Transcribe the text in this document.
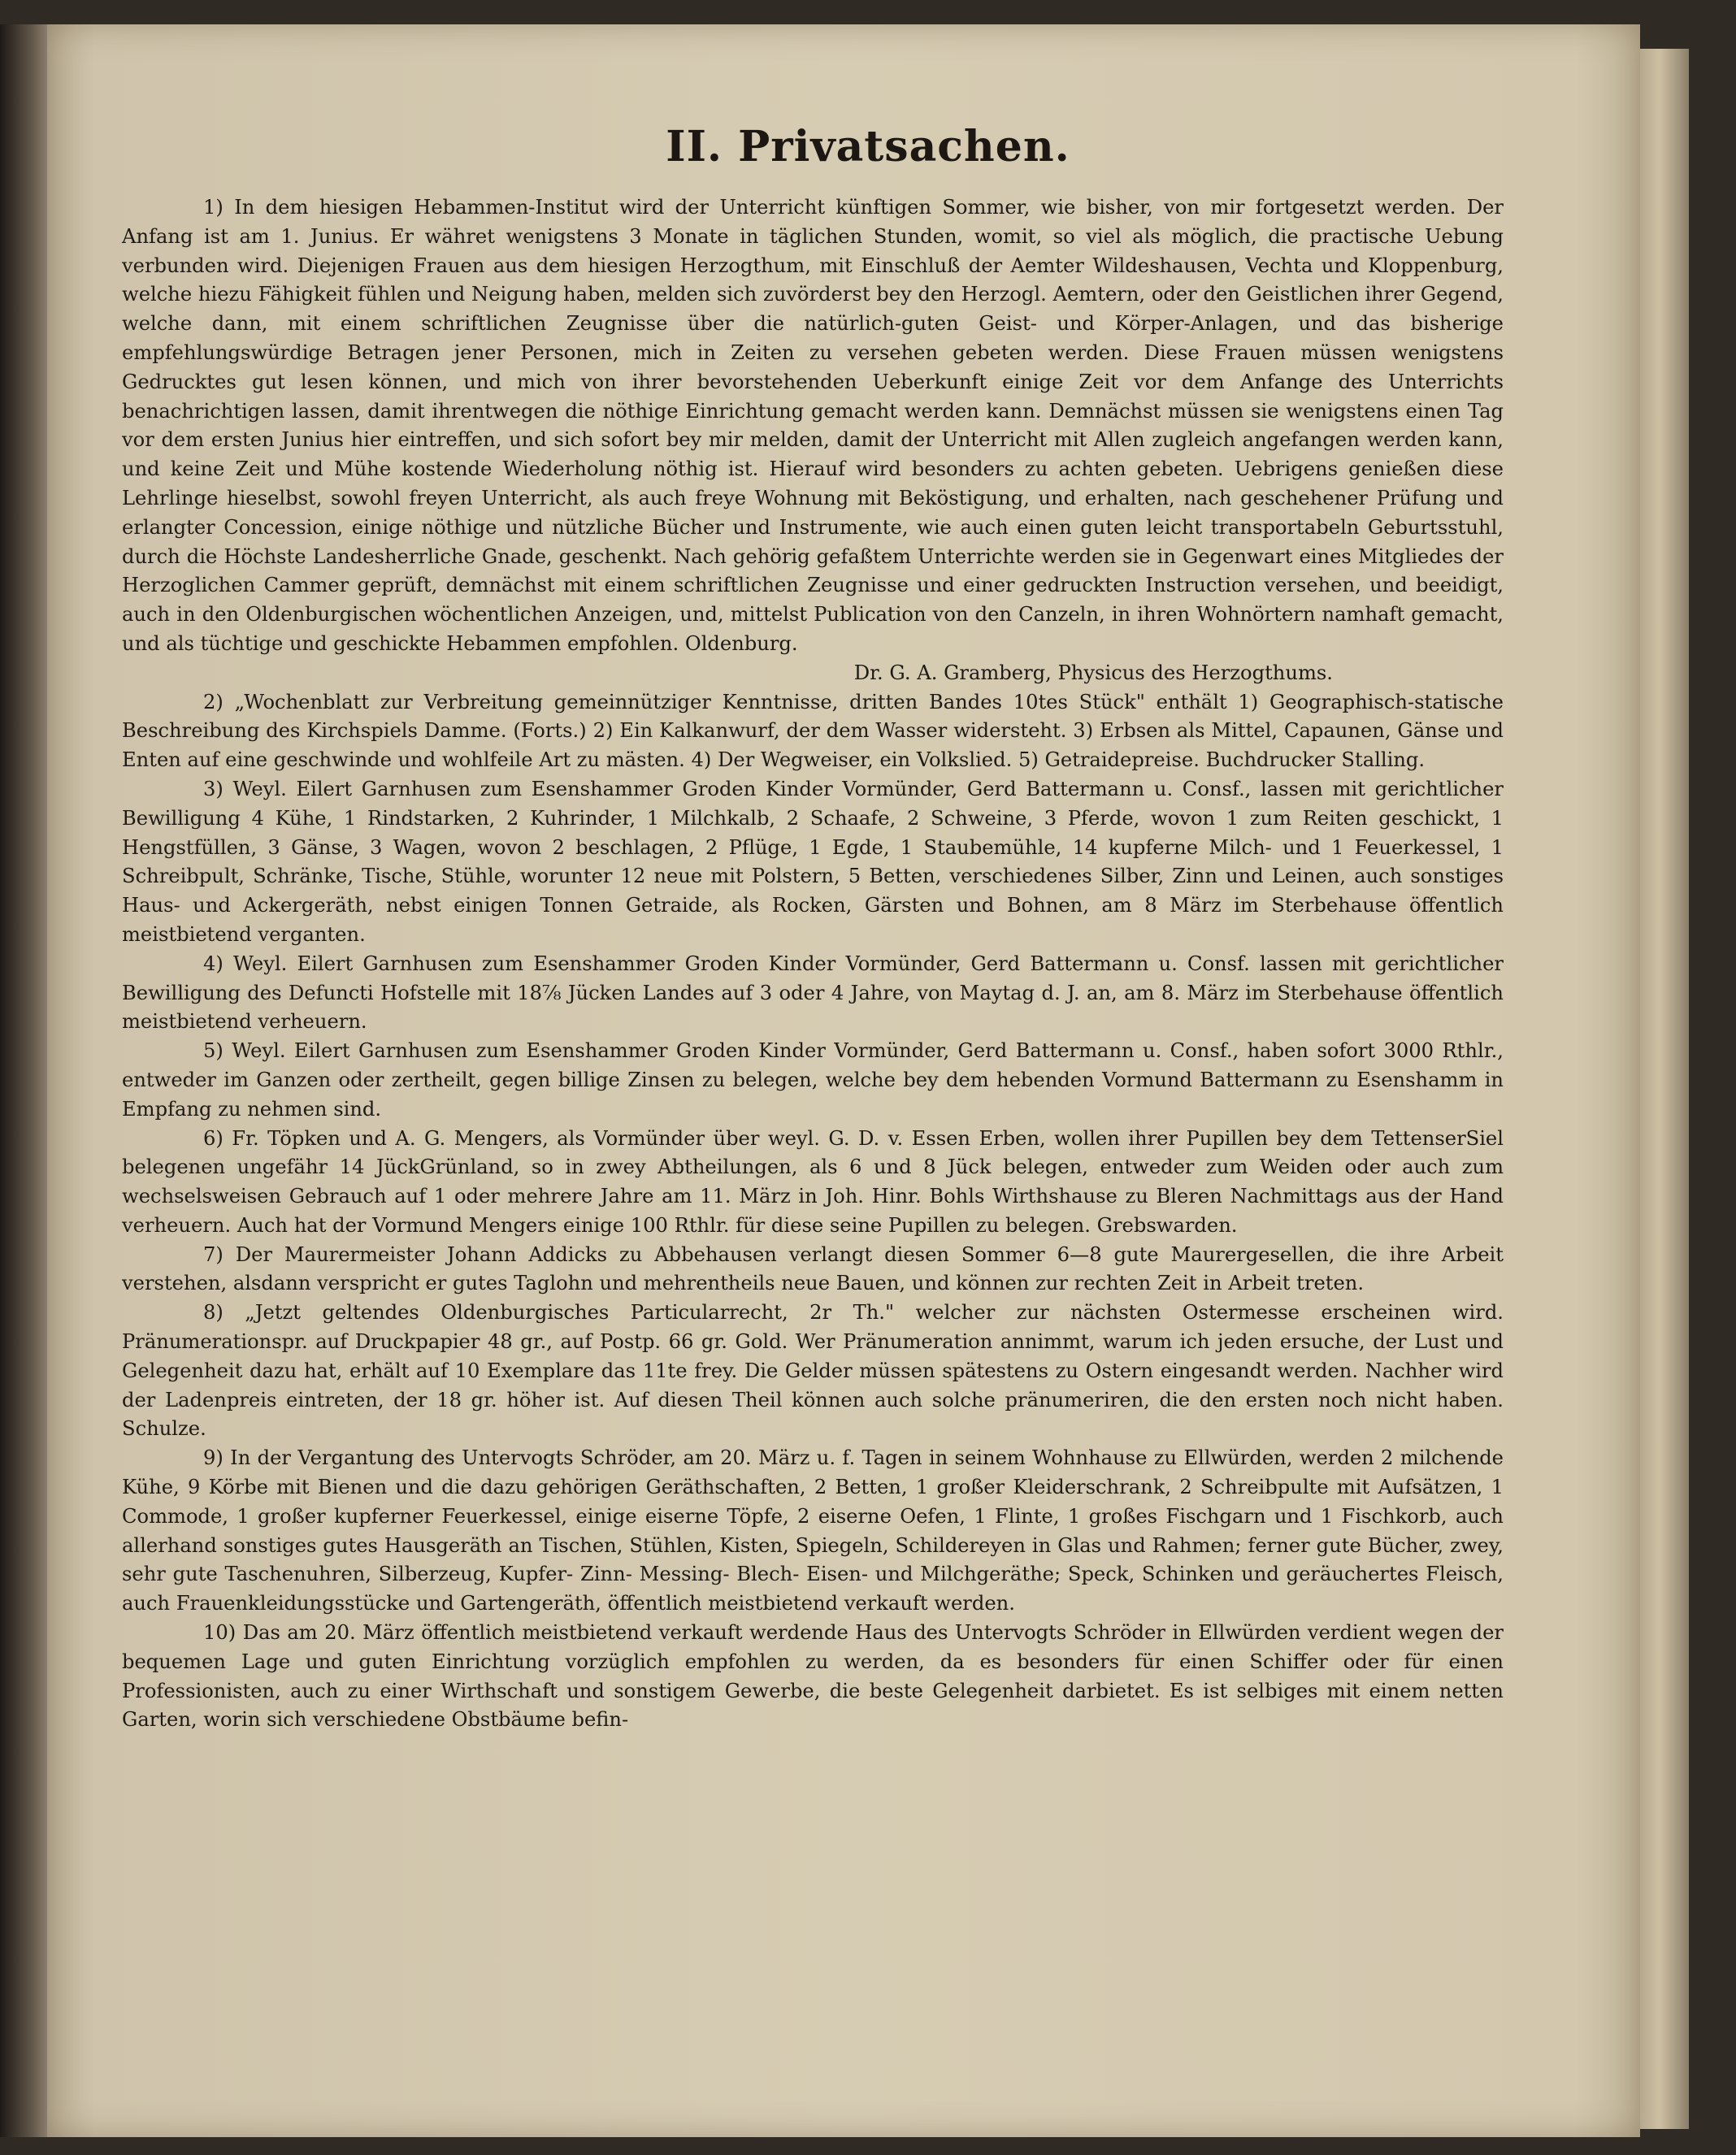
II. Privatsachen.

1) In dem hiesigen Hebammen-Institut wird der Unterricht künftigen Sommer, wie bisher, von mir fortgesetzt werden. Der Anfang ist am 1. Junius. Er währet wenigstens 3 Monate in täglichen Stunden, womit, so viel als möglich, die practische Uebung verbunden wird. Diejenigen Frauen aus dem hiesigen Herzogthum, mit Einschluß der Aemter Wildeshausen, Vechta und Kloppenburg, welche hiezu Fähigkeit fühlen und Neigung haben, melden sich zuvörderst bey den Herzogl. Aemtern, oder den Geistlichen ihrer Gegend, welche dann, mit einem schriftlichen Zeugnisse über die natürlich-guten Geist- und Körper-Anlagen, und das bisherige empfehlungswürdige Betragen jener Personen, mich in Zeiten zu versehen gebeten werden. Diese Frauen müssen wenigstens Gedrucktes gut lesen können, und mich von ihrer bevorstehenden Ueberkunft einige Zeit vor dem Anfange des Unterrichts benachrichtigen lassen, damit ihrentwegen die nöthige Einrichtung gemacht werden kann. Demnächst müssen sie wenigstens einen Tag vor dem ersten Junius hier eintreffen, und sich sofort bey mir melden, damit der Unterricht mit Allen zugleich angefangen werden kann, und keine Zeit und Mühe kostende Wiederholung nöthig ist. Hierauf wird besonders zu achten gebeten. Uebrigens genießen diese Lehrlinge hieselbst, sowohl freyen Unterricht, als auch freye Wohnung mit Beköstigung, und erhalten, nach geschehener Prüfung und erlangter Concession, einige nöthige und nützliche Bücher und Instrumente, wie auch einen guten leicht transportabeln Geburtsstuhl, durch die Höchste Landesherrliche Gnade, geschenkt. Nach gehörig gefaßtem Unterrichte werden sie in Gegenwart eines Mitgliedes der Herzoglichen Cammer geprüft, demnächst mit einem schriftlichen Zeugnisse und einer gedruckten Instruction versehen, und beeidigt, auch in den Oldenburgischen wöchentlichen Anzeigen, und, mittelst Publication von den Canzeln, in ihren Wohnörtern namhaft gemacht, und als tüchtige und geschickte Hebammen empfohlen. Oldenburg.
Dr. G. A. Gramberg, Physicus des Herzogthums.

2) „Wochenblatt zur Verbreitung gemeinnütziger Kenntnisse, dritten Bandes 10tes Stück" enthält 1) Geographisch-statische Beschreibung des Kirchspiels Damme. (Forts.) 2) Ein Kalkanwurf, der dem Wasser widersteht. 3) Erbsen als Mittel, Capaunen, Gänse und Enten auf eine geschwinde und wohlfeile Art zu mästen. 4) Der Wegweiser, ein Volkslied. 5) Getraidepreise. Buchdrucker Stalling.

3) Weyl. Eilert Garnhusen zum Esenshammer Groden Kinder Vormünder, Gerd Battermann u. Consf., lassen mit gerichtlicher Bewilligung 4 Kühe, 1 Rindstarken, 2 Kuhrinder, 1 Milchkalb, 2 Schaafe, 2 Schweine, 3 Pferde, wovon 1 zum Reiten geschickt, 1 Hengstfüllen, 3 Gänse, 3 Wagen, wovon 2 beschlagen, 2 Pflüge, 1 Egde, 1 Staubemühle, 14 kupferne Milch- und 1 Feuerkessel, 1 Schreibpult, Schränke, Tische, Stühle, worunter 12 neue mit Polstern, 5 Betten, verschiedenes Silber, Zinn und Leinen, auch sonstiges Haus- und Ackergeräth, nebst einigen Tonnen Getraide, als Rocken, Gärsten und Bohnen, am 8 März im Sterbehause öffentlich meistbietend verganten.

4) Weyl. Eilert Garnhusen zum Esenshammer Groden Kinder Vormünder, Gerd Battermann u. Consf. lassen mit gerichtlicher Bewilligung des Defuncti Hofstelle mit 18⅞ Jücken Landes auf 3 oder 4 Jahre, von Maytag d. J. an, am 8. März im Sterbehause öffentlich meistbietend verheuern.

5) Weyl. Eilert Garnhusen zum Esenshammer Groden Kinder Vormünder, Gerd Battermann u. Consf., haben sofort 3000 Rthlr., entweder im Ganzen oder zertheilt, gegen billige Zinsen zu belegen, welche bey dem hebenden Vormund Battermann zu Esenshamm in Empfang zu nehmen sind.

6) Fr. Töpken und A. G. Mengers, als Vormünder über weyl. G. D. v. Essen Erben, wollen ihrer Pupillen bey dem TettenserSiel belegenen ungefähr 14 JückGrünland, so in zwey Abtheilungen, als 6 und 8 Jück belegen, entweder zum Weiden oder auch zum wechselsweisen Gebrauch auf 1 oder mehrere Jahre am 11. März in Joh. Hinr. Bohls Wirthshause zu Bleren Nachmittags aus der Hand verheuern. Auch hat der Vormund Mengers einige 100 Rthlr. für diese seine Pupillen zu belegen. Grebswarden.

7) Der Maurermeister Johann Addicks zu Abbehausen verlangt diesen Sommer 6—8 gute Maurergesellen, die ihre Arbeit verstehen, alsdann verspricht er gutes Taglohn und mehrentheils neue Bauen, und können zur rechten Zeit in Arbeit treten.

8) „Jetzt geltendes Oldenburgisches Particularrecht, 2r Th." welcher zur nächsten Ostermesse erscheinen wird. Pränumerationspr. auf Druckpapier 48 gr., auf Postp. 66 gr. Gold. Wer Pränumeration annimmt, warum ich jeden ersuche, der Lust und Gelegenheit dazu hat, erhält auf 10 Exemplare das 11te frey. Die Gelder müssen spätestens zu Ostern eingesandt werden. Nachher wird der Ladenpreis eintreten, der 18 gr. höher ist. Auf diesen Theil können auch solche pränumeriren, die den ersten noch nicht haben. Schulze.

9) In der Vergantung des Untervogts Schröder, am 20. März u. f. Tagen in seinem Wohnhause zu Ellwürden, werden 2 milchende Kühe, 9 Körbe mit Bienen und die dazu gehörigen Geräthschaften, 2 Betten, 1 großer Kleiderschrank, 2 Schreibpulte mit Aufsätzen, 1 Commode, 1 großer kupferner Feuerkessel, einige eiserne Töpfe, 2 eiserne Oefen, 1 Flinte, 1 großes Fischgarn und 1 Fischkorb, auch allerhand sonstiges gutes Hausgeräth an Tischen, Stühlen, Kisten, Spiegeln, Schildereyen in Glas und Rahmen; ferner gute Bücher, zwey, sehr gute Taschenuhren, Silberzeug, Kupfer- Zinn- Messing- Blech- Eisen- und Milchgeräthe; Speck, Schinken und geräuchertes Fleisch, auch Frauenkleidungsstücke und Gartengeräth, öffentlich meistbietend verkauft werden.

10) Das am 20. März öffentlich meistbietend verkauft werdende Haus des Untervogts Schröder in Ellwürden verdient wegen der bequemen Lage und guten Einrichtung vorzüglich empfohlen zu werden, da es besonders für einen Schiffer oder für einen Professionisten, auch zu einer Wirthschaft und sonstigem Gewerbe, die beste Gelegenheit darbietet. Es ist selbiges mit einem netten Garten, worin sich verschiedene Obstbäume befin-
